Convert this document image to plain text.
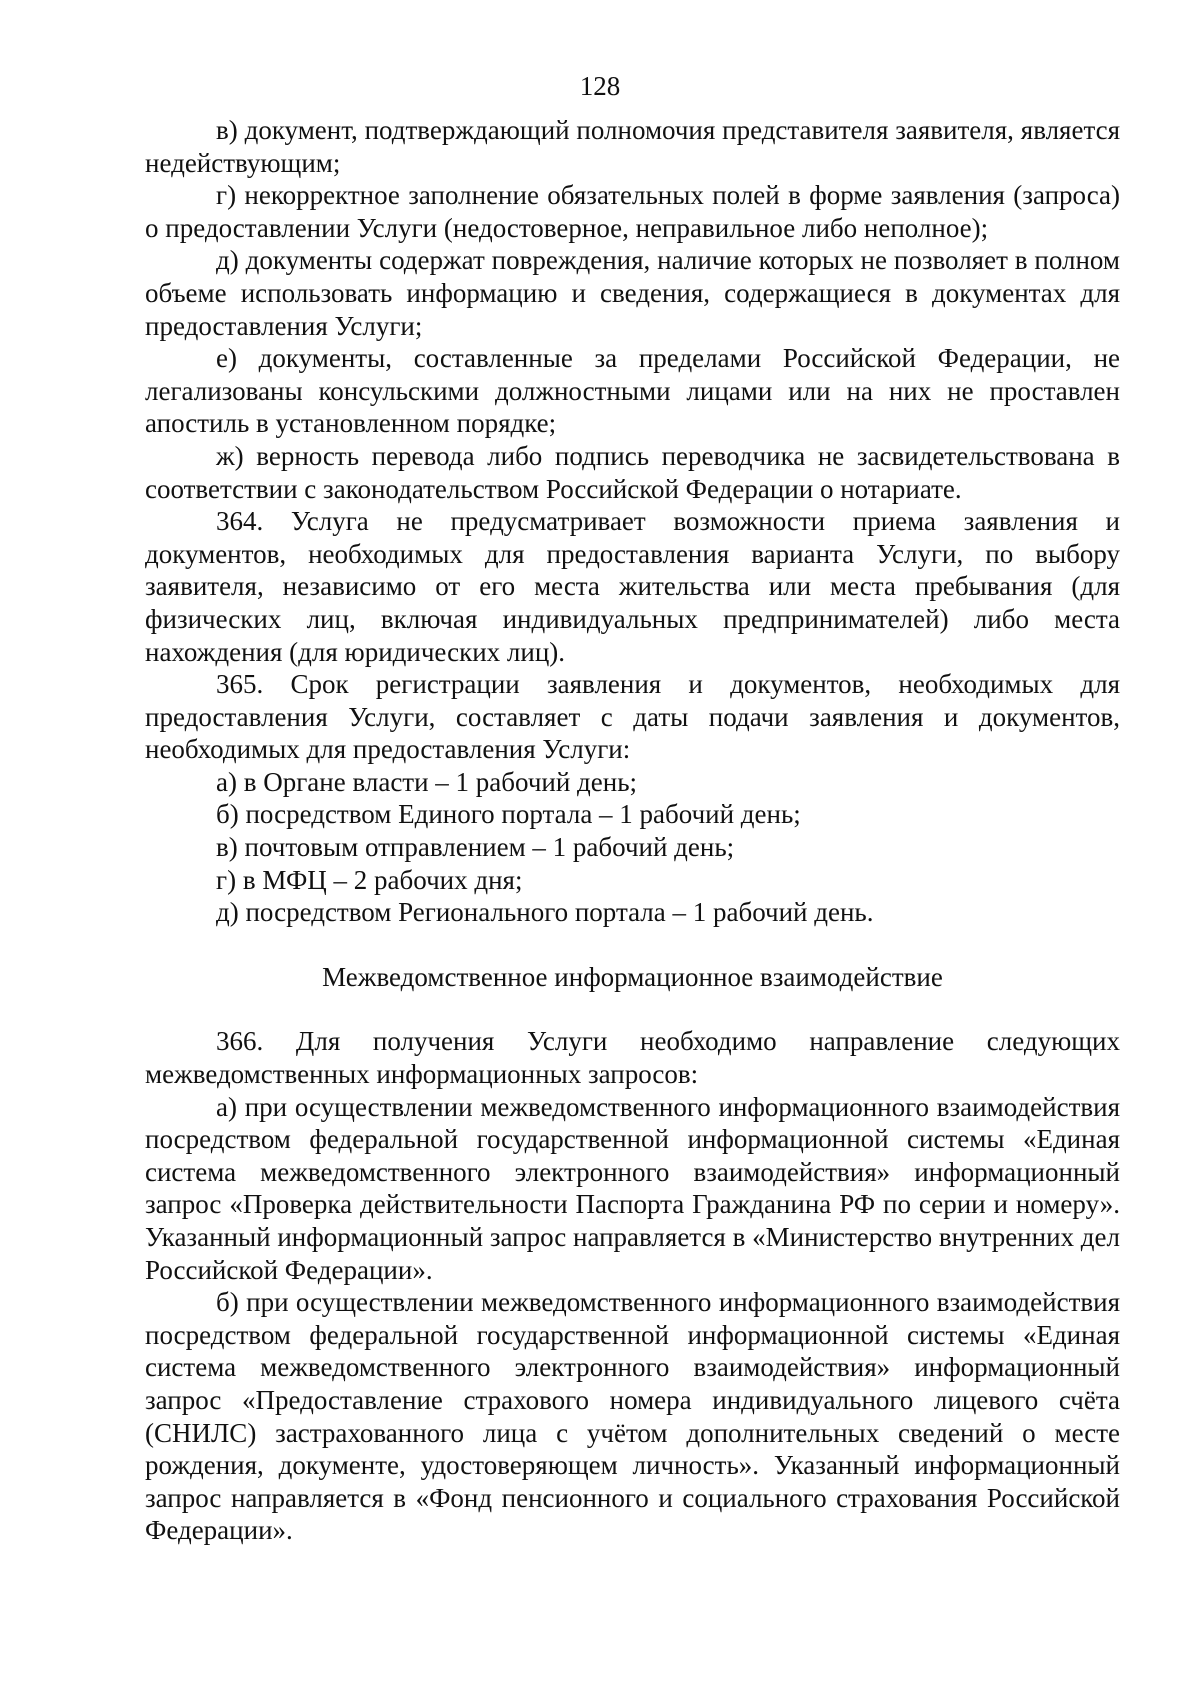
128

в) документ, подтверждающий полномочия представителя заявителя, является недействующим;

г) некорректное заполнение обязательных полей в форме заявления (запроса) о предоставлении Услуги (недостоверное, неправильное либо неполное);

д) документы содержат повреждения, наличие которых не позволяет в полном объеме использовать информацию и сведения, содержащиеся в документах для предоставления Услуги;

е) документы, составленные за пределами Российской Федерации, не легализованы консульскими должностными лицами или на них не проставлен апостиль в установленном порядке;

ж) верность перевода либо подпись переводчика не засвидетельствована в соответствии с законодательством Российской Федерации о нотариате.

364. Услуга не предусматривает возможности приема заявления и документов, необходимых для предоставления варианта Услуги, по выбору заявителя, независимо от его места жительства или места пребывания (для физических лиц, включая индивидуальных предпринимателей) либо места нахождения (для юридических лиц).

365. Срок регистрации заявления и документов, необходимых для предоставления Услуги, составляет с даты подачи заявления и документов, необходимых для предоставления Услуги:

а) в Органе власти – 1 рабочий день;

б) посредством Единого портала – 1 рабочий день;

в) почтовым отправлением – 1 рабочий день;

г) в МФЦ – 2 рабочих дня;

д) посредством Регионального портала – 1 рабочий день.

Межведомственное информационное взаимодействие

366. Для получения Услуги необходимо направление следующих межведомственных информационных запросов:

а) при осуществлении межведомственного информационного взаимодействия посредством федеральной государственной информационной системы «Единая система межведомственного электронного взаимодействия» информационный запрос «Проверка действительности Паспорта Гражданина РФ по серии и номеру». Указанный информационный запрос направляется в «Министерство внутренних дел Российской Федерации».

б) при осуществлении межведомственного информационного взаимодействия посредством федеральной государственной информационной системы «Единая система межведомственного электронного взаимодействия» информационный запрос «Предоставление страхового номера индивидуального лицевого счёта (СНИЛС) застрахованного лица с учётом дополнительных сведений о месте рождения, документе, удостоверяющем личность». Указанный информационный запрос направляется в «Фонд пенсионного и социального страхования Российской Федерации».
